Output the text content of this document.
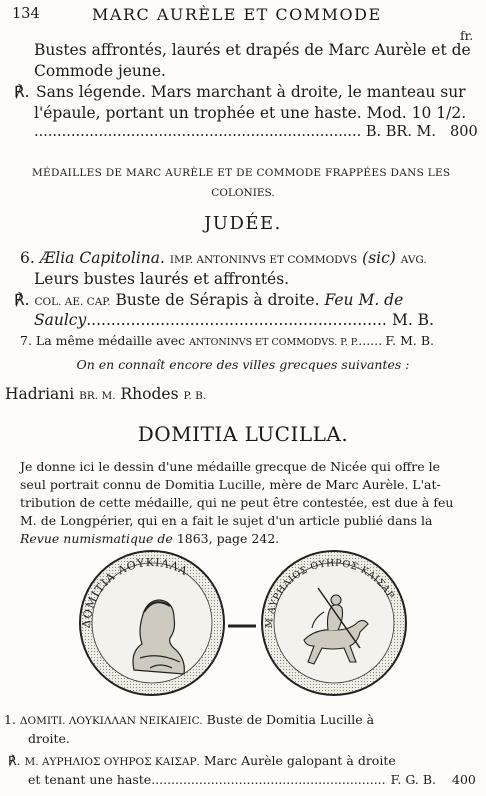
134	MARC AURÈLE ET COMMODE
fr.
Bustes affrontés, laurés et drapés de Marc Aurèle et de
Commode jeune.
℟. Sans légende. Mars marchant à droite, le manteau sur
l'épaule, portant un trophée et une haste. Mod. 10 1/2.
.....
B. BR. M. 800
MÉDAILLES DE MARC AURÈLE ET DE COMMODE FRAPPÉES DANS LES
COLONIES.
JUDÉE.
6. Ælia Capitolina. IMP. ANTONINVS ET COMMODVS (sic) AVG.
Leurs bustes laurés et affrontés.
℟. COL. AE. CAP. Buste de Sérapis à droite. Feu M. de
Saulcy .....	M. B.
7.
La même médaille avec
ANTONINVS ET COMMODVS. P. P. ..... F. M. B.
On en connaît encore des villes grecques suivantes :
Hadriani BR. M. Rhodes P. B.
DOMITIA LUCILLA.
Je donne ici le dessin d'une médaille grecque de Nicée qui offre le
seul portrait connu de Domitia Lucille, mère de Marc Aurèle. L'at-
tribution de cette médaille, qui ne peut être contestée, est due à feu
M. de Longpérier, qui en a fait le sujet d'un article publié dans la
Revue numismatique de 1863, page 242.
ΔΟΜΙΤΙΑ ΛΟΥΚΙΛΛΑ
Μ ΑΥΡΗΛΙΟΣ ΟΥΗΡΟΣ ΚΑΙΣΑΡ
1. ΔΟΜΙΤΙ. ΛΟΥΚΙΛΛΑΝ ΝΕΙΚΑΙΕΙC. Buste de Domitia Lucille à
droite.
℟. Μ. ΑΥΡΗΛΙΟΣ ΟΥΗΡΟΣ ΚΑΙΣΑΡ. Marc Aurèle galopant à droite
et tenant une haste .....	F. G. B. 400
